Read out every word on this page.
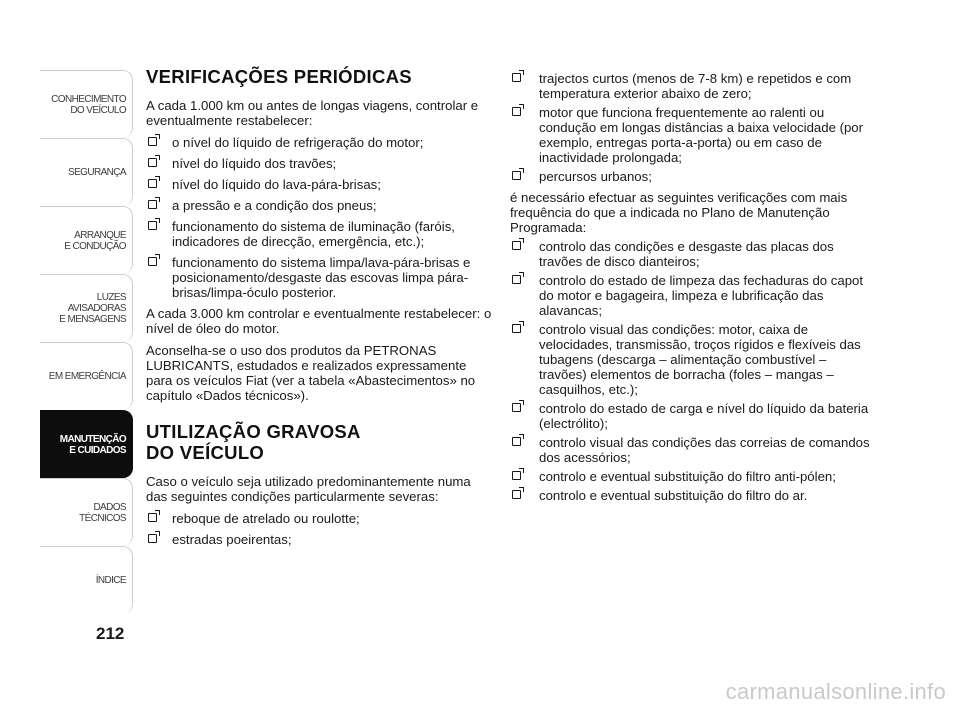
CONHECIMENTO
DO VEÍCULO
SEGURANÇA
ARRANQUE
E CONDUÇÃO
LUZES
AVISADORAS
E MENSAGENS
EM EMERGÊNCIA
MANUTENÇÃO
E CUIDADOS
DADOS
TÉCNICOS
ÍNDICE
212
VERIFICAÇÕES PERIÓDICAS

A cada 1.000 km ou antes de longas viagens, controlar e eventualmente restabelecer:

o nível do líquido de refrigeração do motor;
nível do líquido dos travões;
nível do líquido do lava-pára-brisas;
a pressão e a condição dos pneus;
funcionamento do sistema de iluminação (faróis, indicadores de direcção, emergência, etc.);
funcionamento do sistema limpa/lava-pára-brisas e posicionamento/desgaste das escovas limpa pára-brisas/limpa-óculo posterior.

A cada 3.000 km controlar e eventualmente restabelecer: o nível de óleo do motor.

Aconselha-se o uso dos produtos da PETRONAS LUBRICANTS, estudados e realizados expressamente para os veículos Fiat (ver a tabela «Abastecimentos» no capítulo «Dados técnicos»).

UTILIZAÇÃO GRAVOSA
DO VEÍCULO

Caso o veículo seja utilizado predominantemente numa das seguintes condições particularmente severas:

reboque de atrelado ou roulotte;
estradas poeirentas;
trajectos curtos (menos de 7-8 km) e repetidos e com temperatura exterior abaixo de zero;
motor que funciona frequentemente ao ralenti ou condução em longas distâncias a baixa velocidade (por exemplo, entregas porta-a-porta) ou em caso de inactividade prolongada;
percursos urbanos;

é necessário efectuar as seguintes verificações com mais frequência do que a indicada no Plano de Manutenção Programada:

controlo das condições e desgaste das placas dos travões de disco dianteiros;
controlo do estado de limpeza das fechaduras do capot do motor e bagageira, limpeza e lubrificação das alavancas;
controlo visual das condições: motor, caixa de velocidades, transmissão, troços rígidos e flexíveis das tubagens (descarga – alimentação combustível – travões) elementos de borracha (foles – mangas – casquilhos, etc.);
controlo do estado de carga e nível do líquido da bateria (electrólito);
controlo visual das condições das correias de comandos dos acessórios;
controlo e eventual substituição do filtro anti-pólen;
controlo e eventual substituição do filtro do ar.
carmanualsonline.info
